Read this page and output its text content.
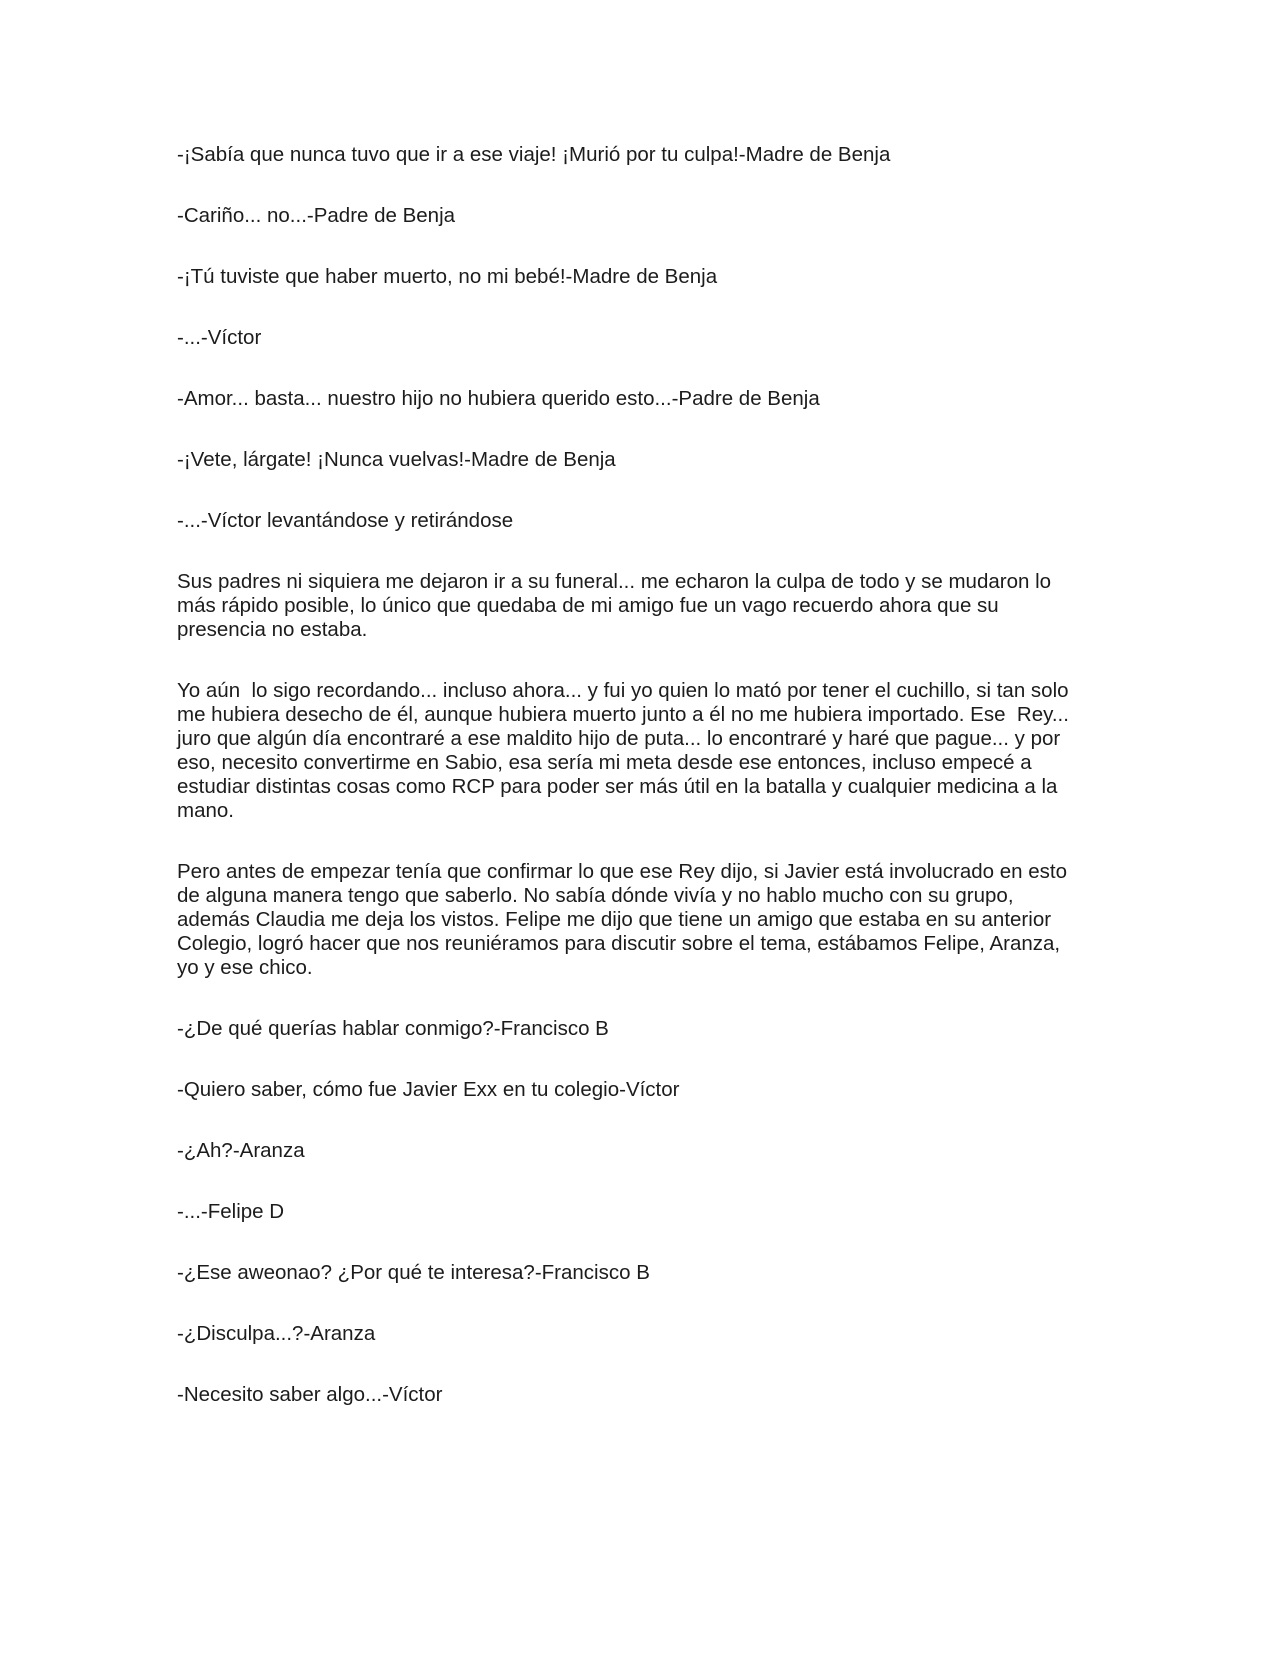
-¡Sabía que nunca tuvo que ir a ese viaje! ¡Murió por tu culpa!-Madre de Benja

-Cariño... no...-Padre de Benja

-¡Tú tuviste que haber muerto, no mi bebé!-Madre de Benja

-...-Víctor

-Amor... basta... nuestro hijo no hubiera querido esto...-Padre de Benja

-¡Vete, lárgate! ¡Nunca vuelvas!-Madre de Benja

-...-Víctor levantándose y retirándose

Sus padres ni siquiera me dejaron ir a su funeral... me echaron la culpa de todo y se mudaron lo
más rápido posible, lo único que quedaba de mi amigo fue un vago recuerdo ahora que su
presencia no estaba.

Yo aún  lo sigo recordando... incluso ahora... y fui yo quien lo mató por tener el cuchillo, si tan solo
me hubiera desecho de él, aunque hubiera muerto junto a él no me hubiera importado. Ese  Rey...
juro que algún día encontraré a ese maldito hijo de puta... lo encontraré y haré que pague... y por
eso, necesito convertirme en Sabio, esa sería mi meta desde ese entonces, incluso empecé a
estudiar distintas cosas como RCP para poder ser más útil en la batalla y cualquier medicina a la
mano.

Pero antes de empezar tenía que confirmar lo que ese Rey dijo, si Javier está involucrado en esto
de alguna manera tengo que saberlo. No sabía dónde vivía y no hablo mucho con su grupo,
además Claudia me deja los vistos. Felipe me dijo que tiene un amigo que estaba en su anterior
Colegio, logró hacer que nos reuniéramos para discutir sobre el tema, estábamos Felipe, Aranza,
yo y ese chico.

-¿De qué querías hablar conmigo?-Francisco B

-Quiero saber, cómo fue Javier Exx en tu colegio-Víctor

-¿Ah?-Aranza

-...-Felipe D

-¿Ese aweonao? ¿Por qué te interesa?-Francisco B

-¿Disculpa...?-Aranza

-Necesito saber algo...-Víctor
